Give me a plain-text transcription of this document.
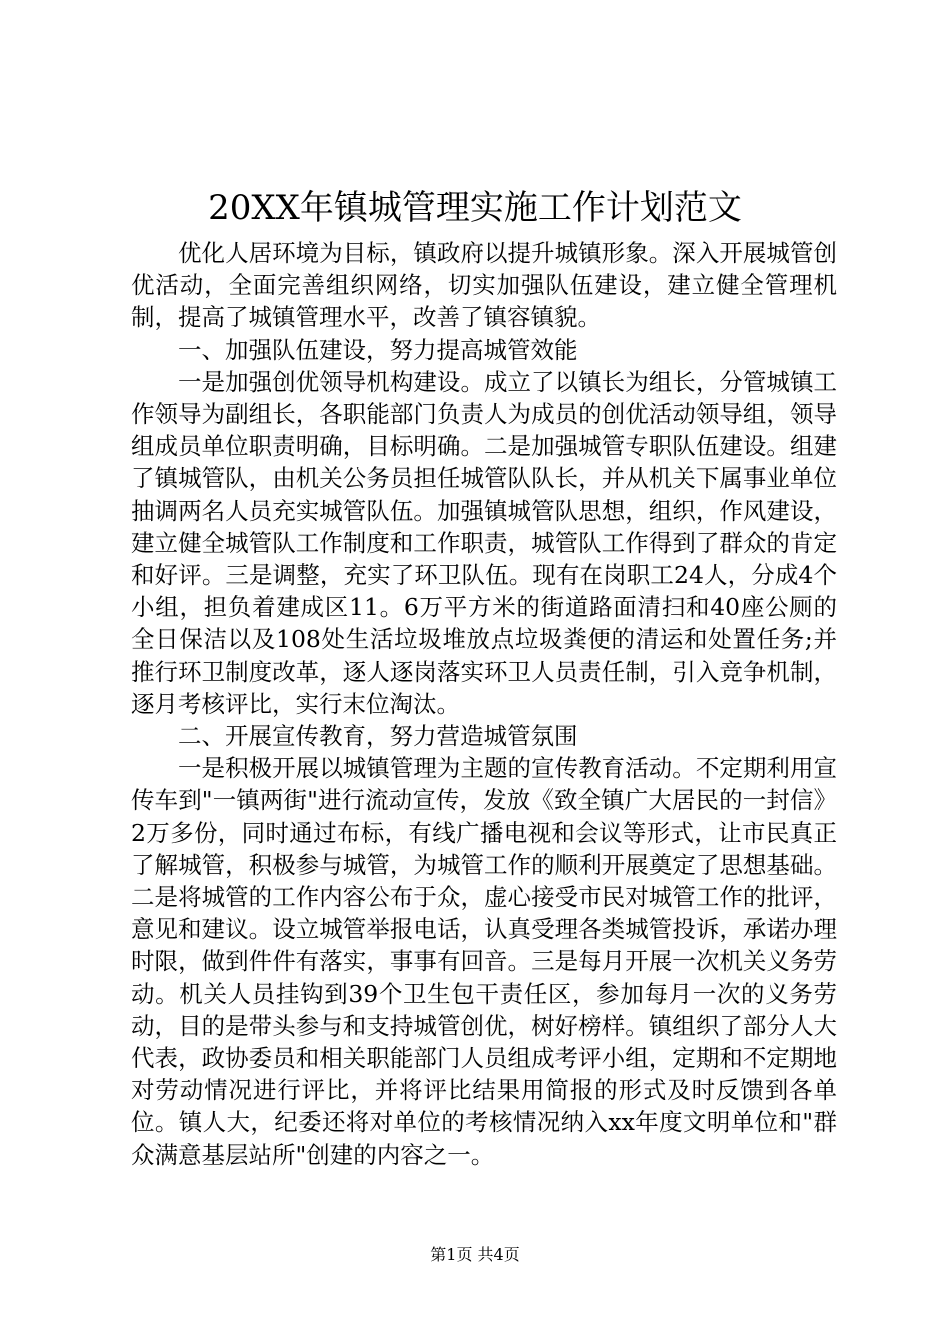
20XX年镇城管理实施工作计划范文

优化人居环境为目标，镇政府以提升城镇形象。深入开展城管创优活动，全面完善组织网络，切实加强队伍建设，建立健全管理机制，提高了城镇管理水平，改善了镇容镇貌。

一、加强队伍建设，努力提高城管效能

一是加强创优领导机构建设。成立了以镇长为组长，分管城镇工作领导为副组长，各职能部门负责人为成员的创优活动领导组，领导组成员单位职责明确，目标明确。二是加强城管专职队伍建设。组建了镇城管队，由机关公务员担任城管队队长，并从机关下属事业单位抽调两名人员充实城管队伍。加强镇城管队思想，组织，作风建设，建立健全城管队工作制度和工作职责，城管队工作得到了群众的肯定和好评。三是调整，充实了环卫队伍。现有在岗职工24人，分成4个小组，担负着建成区11。6万平方米的街道路面清扫和40座公厕的全日保洁以及108处生活垃圾堆放点垃圾粪便的清运和处置任务;并推行环卫制度改革，逐人逐岗落实环卫人员责任制，引入竞争机制，逐月考核评比，实行末位淘汰。

二、开展宣传教育，努力营造城管氛围

一是积极开展以城镇管理为主题的宣传教育活动。不定期利用宣传车到"一镇两街"进行流动宣传，发放《致全镇广大居民的一封信》2万多份，同时通过布标，有线广播电视和会议等形式，让市民真正了解城管，积极参与城管，为城管工作的顺利开展奠定了思想基础。二是将城管的工作内容公布于众，虚心接受市民对城管工作的批评，意见和建议。设立城管举报电话，认真受理各类城管投诉，承诺办理时限，做到件件有落实，事事有回音。三是每月开展一次机关义务劳动。机关人员挂钩到39个卫生包干责任区，参加每月一次的义务劳动，目的是带头参与和支持城管创优，树好榜样。镇组织了部分人大代表，政协委员和相关职能部门人员组成考评小组，定期和不定期地对劳动情况进行评比，并将评比结果用简报的形式及时反馈到各单位。镇人大，纪委还将对单位的考核情况纳入xx年度文明单位和"群众满意基层站所"创建的内容之一。

第1页 共4页
